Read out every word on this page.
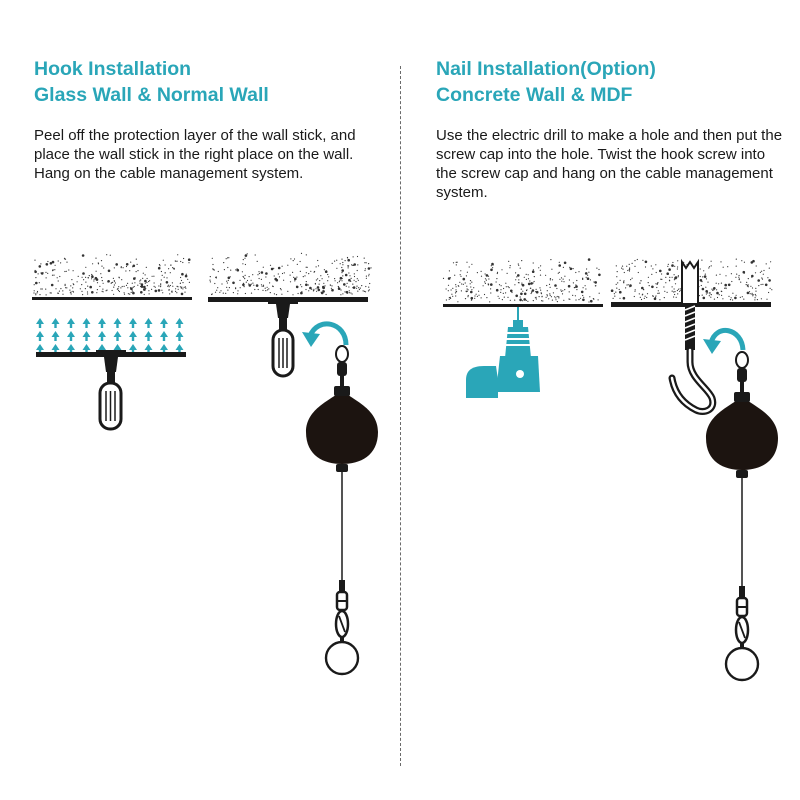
Hook Installation
Glass Wall & Normal Wall

Peel off the protection layer of the wall stick, and place the wall stick in the right place on the wall. Hang on the cable management system.

Nail Installation(Option)
Concrete Wall & MDF

Use the electric drill to make a hole and then put the screw cap into the hole. Twist the hook screw into the screw cap and hang on the cable management system.
